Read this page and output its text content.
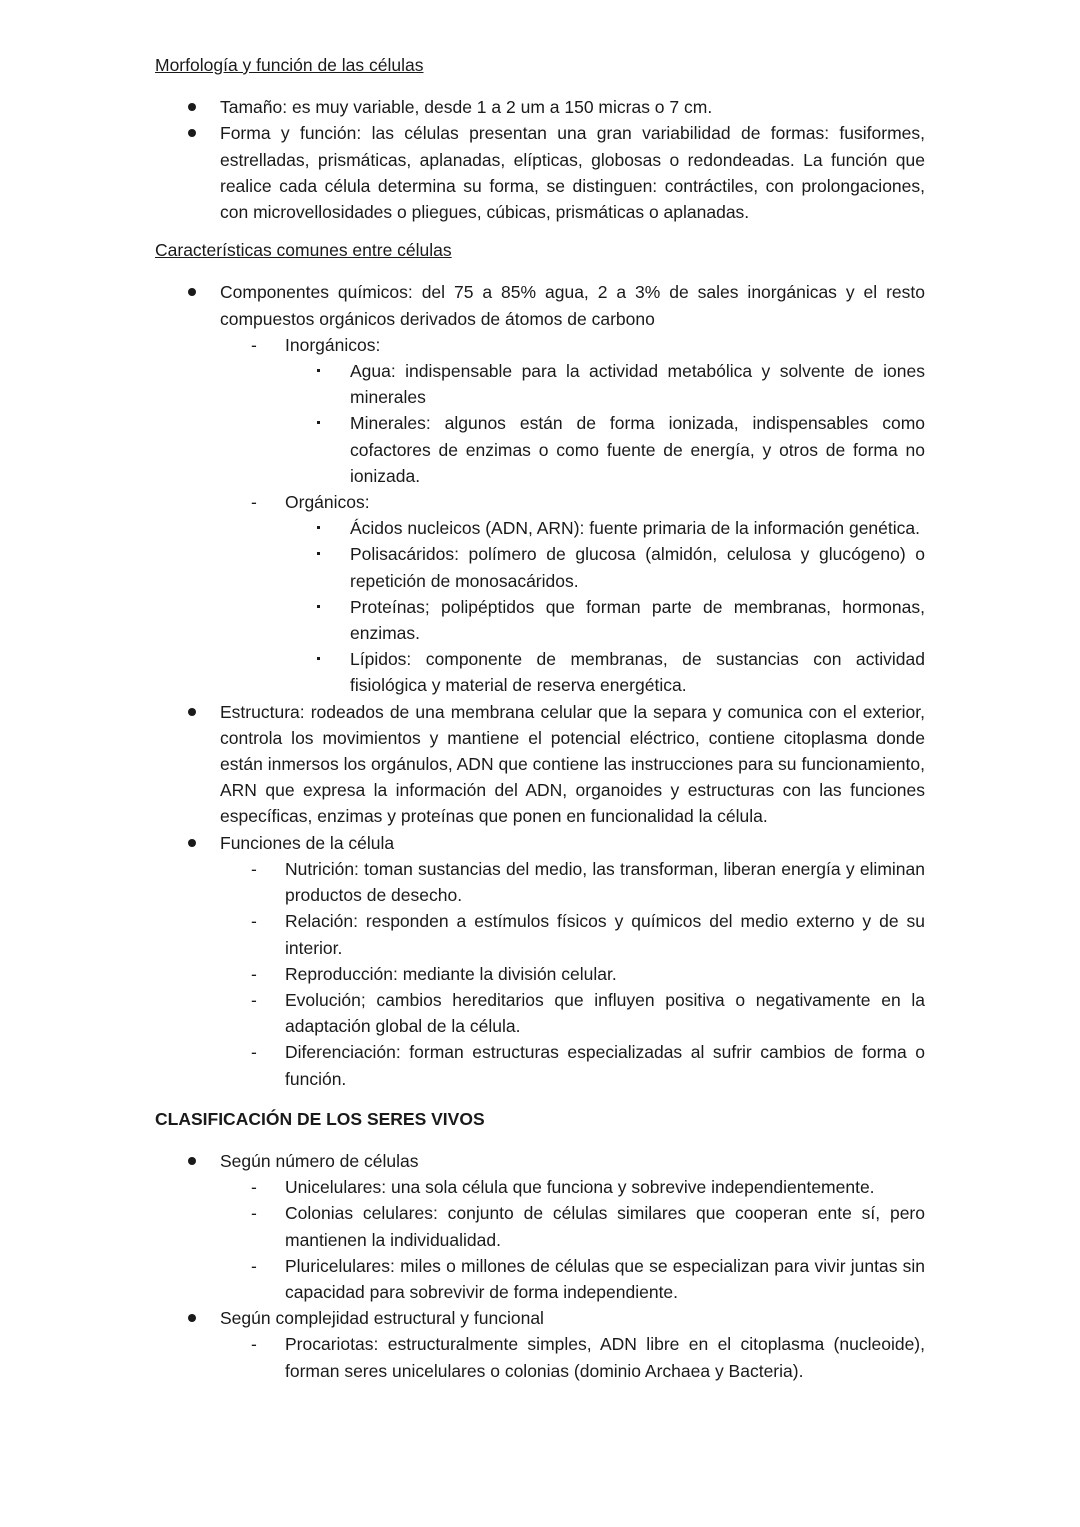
Morfología y función de las células
Tamaño: es muy variable, desde 1 a 2 um a 150 micras o 7 cm.
Forma y función: las células presentan una gran variabilidad de formas: fusiformes, estrelladas, prismáticas, aplanadas, elípticas, globosas o redondeadas. La función que realice cada célula determina su forma, se distinguen: contráctiles, con prolongaciones, con microvellosidades o pliegues, cúbicas, prismáticas o aplanadas.
Características comunes entre células
Componentes químicos: del 75 a 85% agua, 2 a 3% de sales inorgánicas y el resto compuestos orgánicos derivados de átomos de carbono
- Inorgánicos:
Agua: indispensable para la actividad metabólica y solvente de iones minerales
Minerales: algunos están de forma ionizada, indispensables como cofactores de enzimas o como fuente de energía, y otros de forma no ionizada.
- Orgánicos:
Ácidos nucleicos (ADN, ARN): fuente primaria de la información genética.
Polisacáridos: polímero de glucosa (almidón, celulosa y glucógeno) o repetición de monosacáridos.
Proteínas; polipéptidos que forman parte de membranas, hormonas, enzimas.
Lípidos: componente de membranas, de sustancias con actividad fisiológica y material de reserva energética.
Estructura: rodeados de una membrana celular que la separa y comunica con el exterior, controla los movimientos y mantiene el potencial eléctrico, contiene citoplasma donde están inmersos los orgánulos, ADN que contiene las instrucciones para su funcionamiento, ARN que expresa la información del ADN, organoides y estructuras con las funciones específicas, enzimas y proteínas que ponen en funcionalidad la célula.
Funciones de la célula
- Nutrición: toman sustancias del medio, las transforman, liberan energía y eliminan productos de desecho.
- Relación: responden a estímulos físicos y químicos del medio externo y de su interior.
- Reproducción: mediante la división celular.
- Evolución; cambios hereditarios que influyen positiva o negativamente en la adaptación global de la célula.
- Diferenciación: forman estructuras especializadas al sufrir cambios de forma o función.
CLASIFICACIÓN DE LOS SERES VIVOS
Según número de células
- Unicelulares: una sola célula que funciona y sobrevive independientemente.
- Colonias celulares: conjunto de células similares que cooperan ente sí, pero mantienen la individualidad.
- Pluricelulares: miles o millones de células que se especializan para vivir juntas sin capacidad para sobrevivir de forma independiente.
Según complejidad estructural y funcional
- Procariotas: estructuralmente simples, ADN libre en el citoplasma (nucleoide), forman seres unicelulares o colonias (dominio Archaea y Bacteria).
